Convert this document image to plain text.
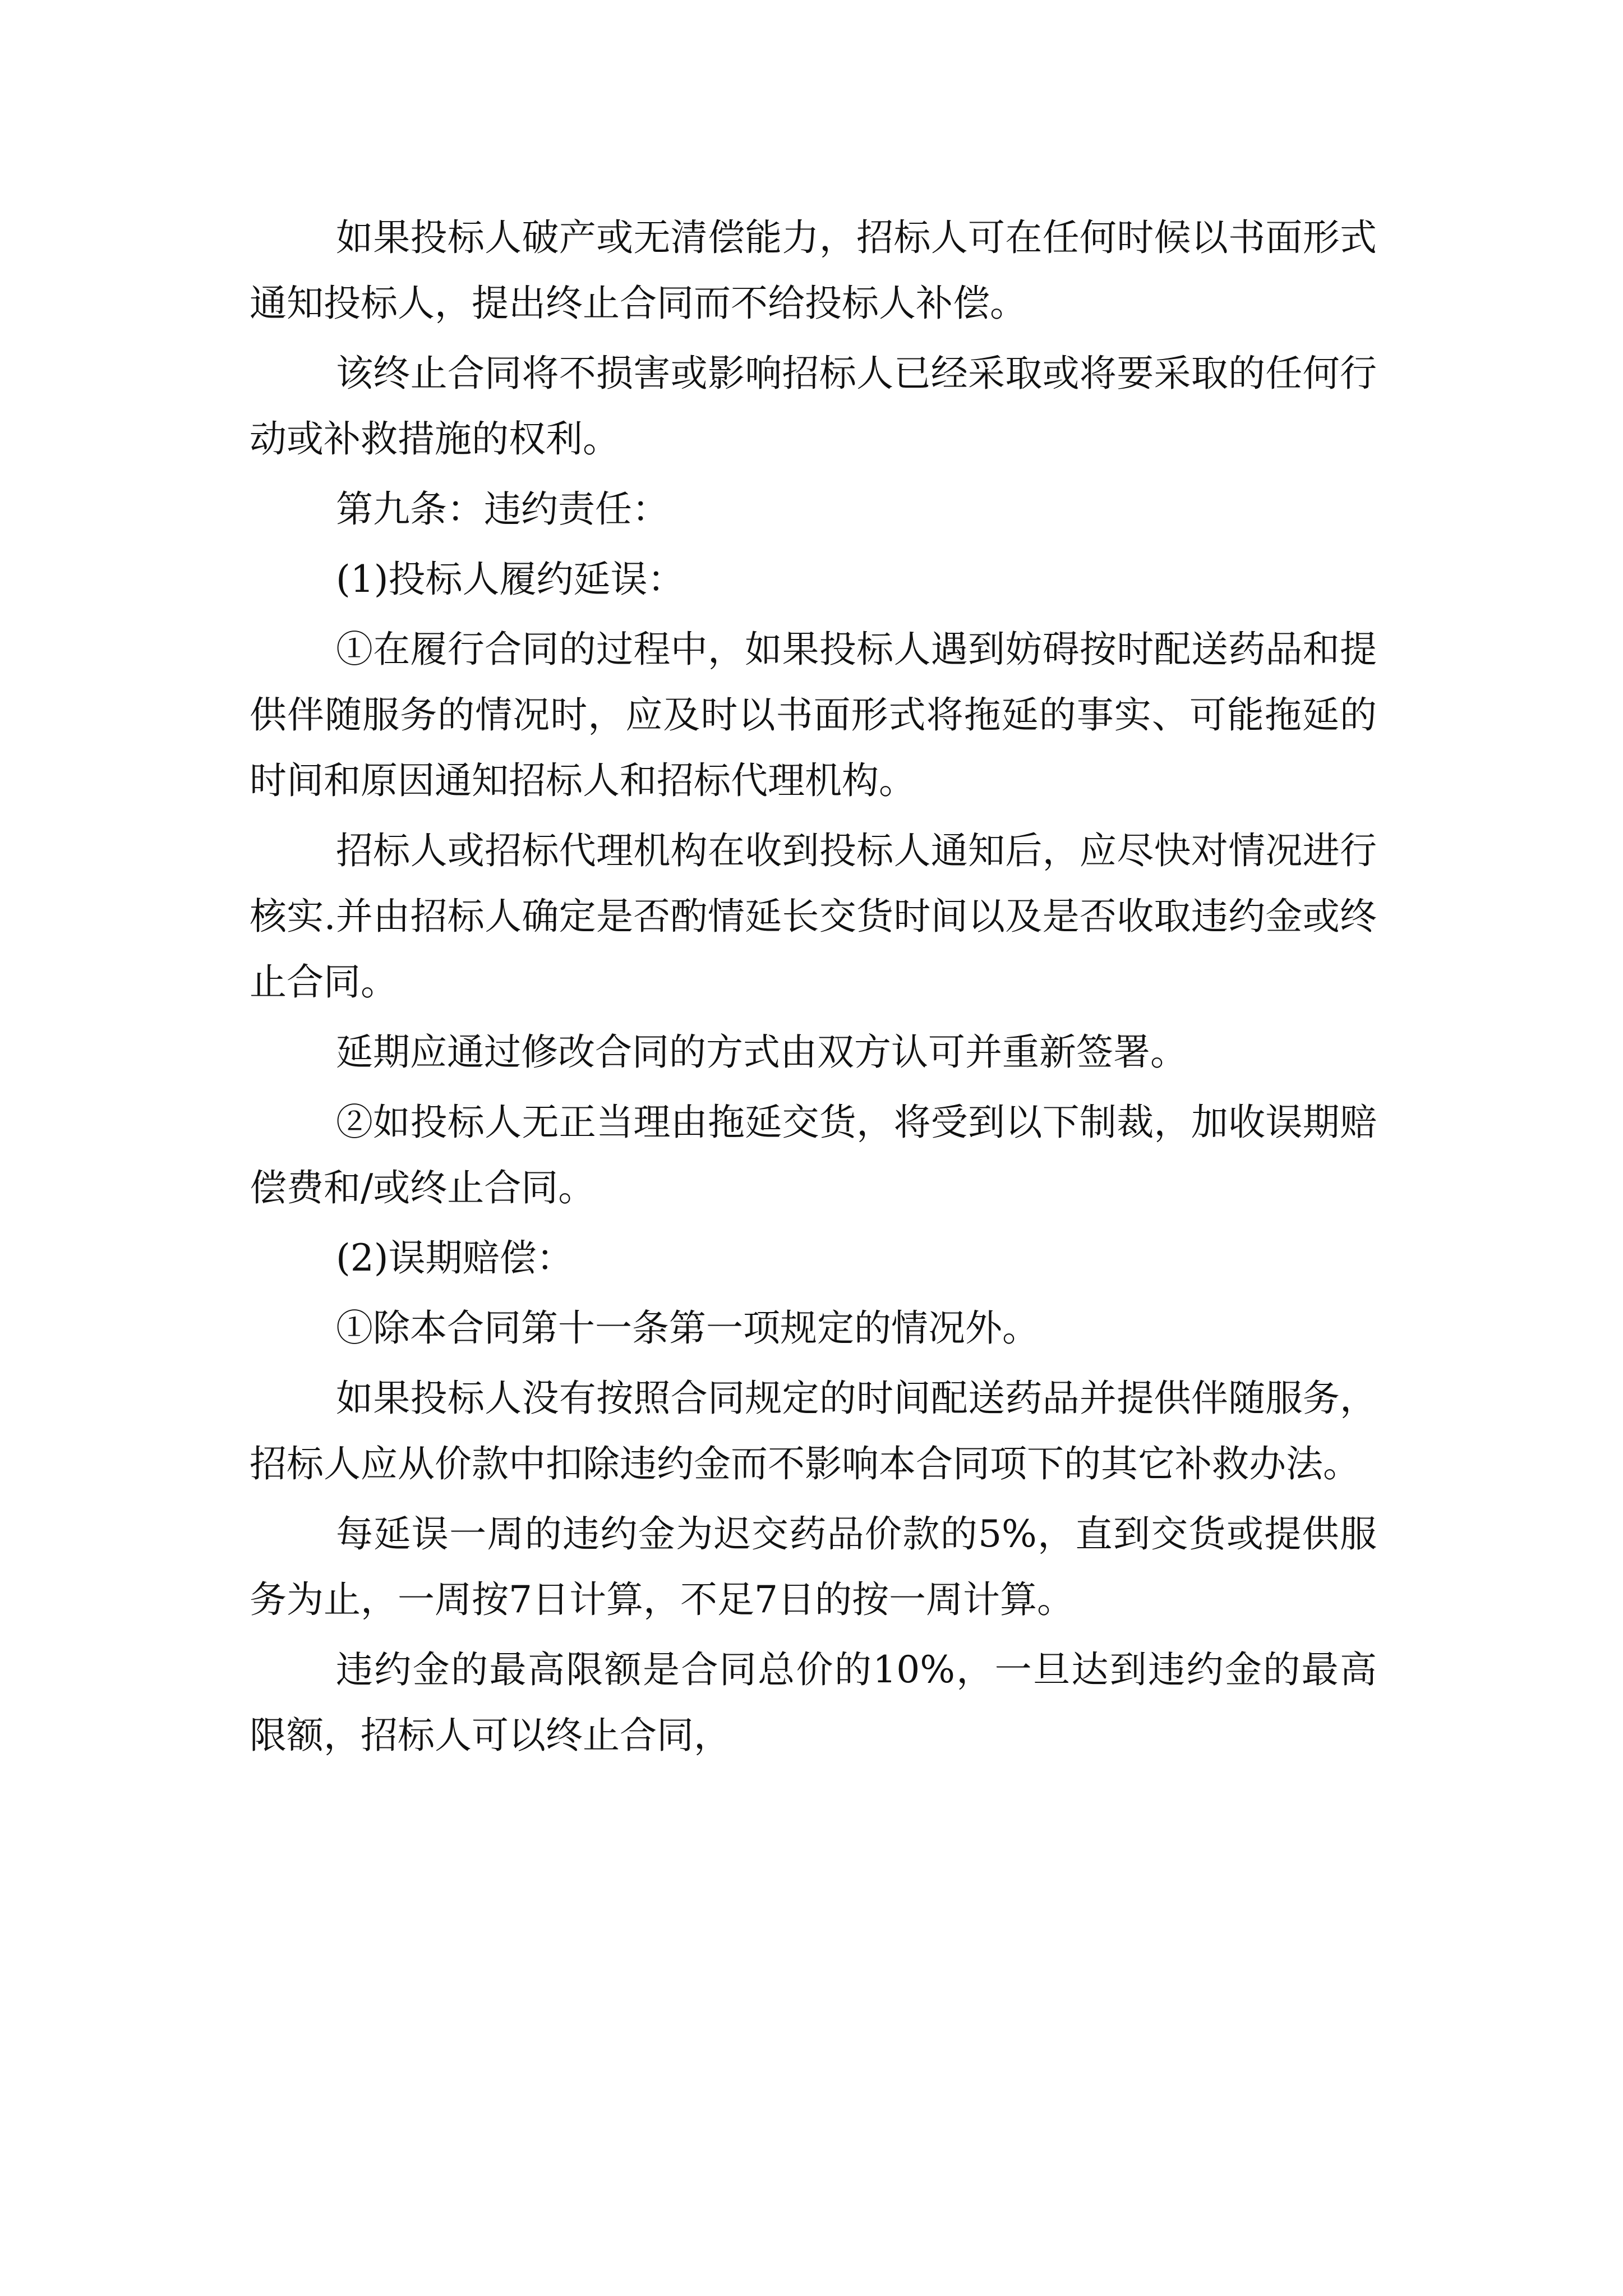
如果投标人破产或无清偿能力，招标人可在任何时候以书面形式通知投标人，提出终止合同而不给投标人补偿。

该终止合同将不损害或影响招标人已经采取或将要采取的任何行动或补救措施的权利。

第九条：违约责任：

(1)投标人履约延误：

①在履行合同的过程中，如果投标人遇到妨碍按时配送药品和提供伴随服务的情况时，应及时以书面形式将拖延的事实、可能拖延的时间和原因通知招标人和招标代理机构。

招标人或招标代理机构在收到投标人通知后，应尽快对情况进行核实.并由招标人确定是否酌情延长交货时间以及是否收取违约金或终止合同。

延期应通过修改合同的方式由双方认可并重新签署。

②如投标人无正当理由拖延交货，将受到以下制裁，加收误期赔偿费和/或终止合同。

(2)误期赔偿：

①除本合同第十一条第一项规定的情况外。

如果投标人没有按照合同规定的时间配送药品并提供伴随服务，招标人应从价款中扣除违约金而不影响本合同项下的其它补救办法。

每延误一周的违约金为迟交药品价款的5%，直到交货或提供服务为止，一周按7日计算，不足7日的按一周计算。

违约金的最高限额是合同总价的10%，一旦达到违约金的最高限额，招标人可以终止合同，
